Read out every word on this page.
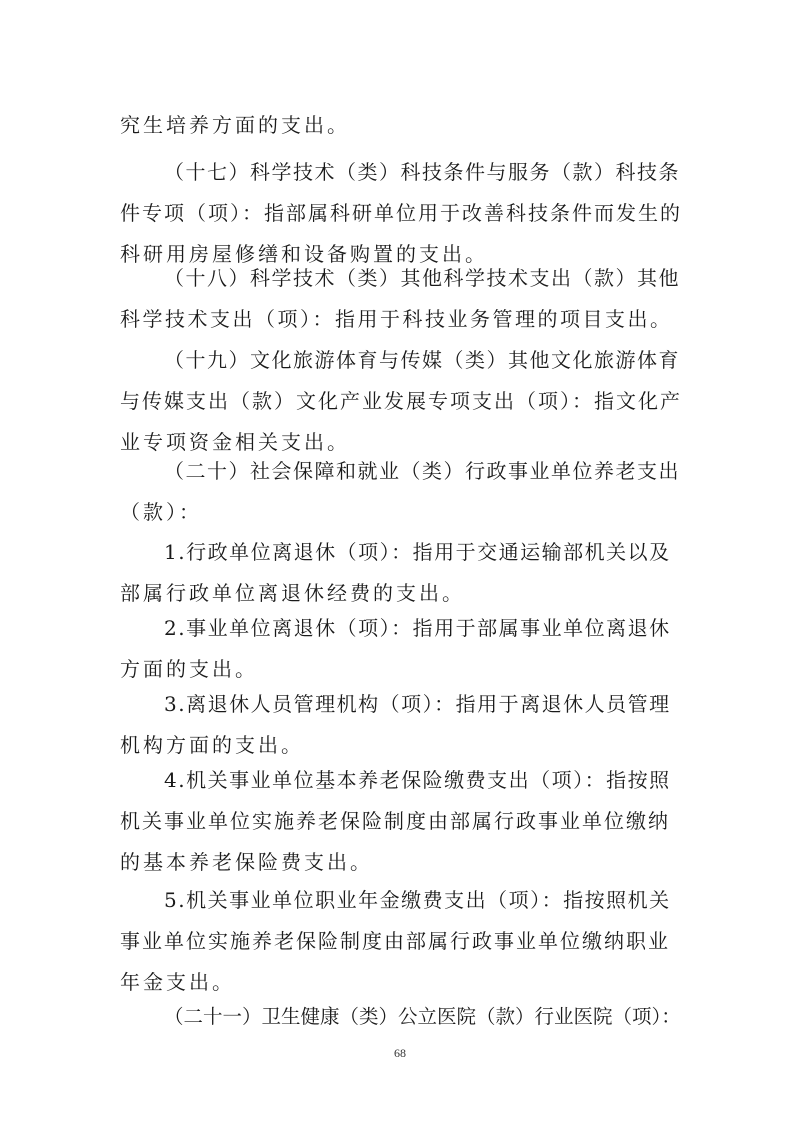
究生培养方面的支出。
（十七）科学技术（类）科技条件与服务（款）科技条
件专项（项）：指部属科研单位用于改善科技条件而发生的
科研用房屋修缮和设备购置的支出。
（十八）科学技术（类）其他科学技术支出（款）其他
科学技术支出（项）：指用于科技业务管理的项目支出。
（十九）文化旅游体育与传媒（类）其他文化旅游体育
与传媒支出（款）文化产业发展专项支出（项）：指文化产
业专项资金相关支出。
（二十）社会保障和就业（类）行政事业单位养老支出
（款）：
1.行政单位离退休（项）：指用于交通运输部机关以及
部属行政单位离退休经费的支出。
2.事业单位离退休（项）：指用于部属事业单位离退休
方面的支出。
3.离退休人员管理机构（项）：指用于离退休人员管理
机构方面的支出。
4.机关事业单位基本养老保险缴费支出（项）：指按照
机关事业单位实施养老保险制度由部属行政事业单位缴纳
的基本养老保险费支出。
5.机关事业单位职业年金缴费支出（项）：指按照机关
事业单位实施养老保险制度由部属行政事业单位缴纳职业
年金支出。
（二十一）卫生健康（类）公立医院（款）行业医院（项）：
68
